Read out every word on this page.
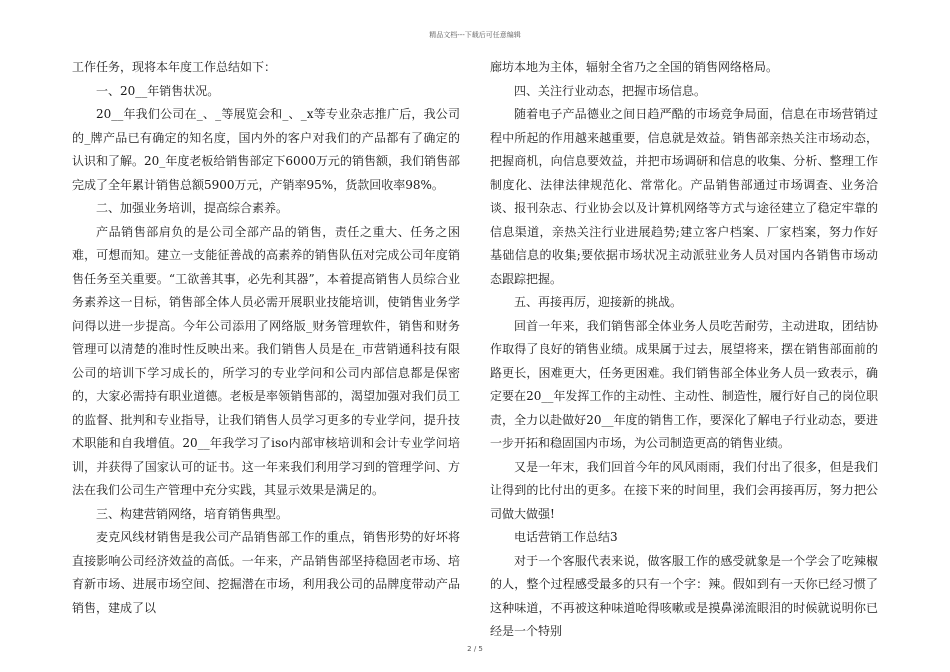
精品文档---下载后可任意编辑

工作任务，现将本年度工作总结如下：

一、20__年销售状况。

20__年我们公司在_、_等展览会和_、_x等专业杂志推广后，我公司的_牌产品已有确定的知名度，国内外的客户对我们的产品都有了确定的认识和了解。20_年度老板给销售部定下6000万元的销售额，我们销售部完成了全年累计销售总额5900万元，产销率95%，货款回收率98%。

二、加强业务培训，提高综合素养。

产品销售部肩负的是公司全部产品的销售，责任之重大、任务之困难，可想而知。建立一支能征善战的高素养的销售队伍对完成公司年度销售任务至关重要。“工欲善其事，必先利其器”，本着提高销售人员综合业务素养这一目标，销售部全体人员必需开展职业技能培训，使销售业务学问得以进一步提高。今年公司添用了网络版_财务管理软件，销售和财务管理可以清楚的准时性反映出来。我们销售人员是在_市营销通科技有限公司的培训下学习成长的，所学习的专业学问和公司内部信息都是保密的，大家必需持有职业道德。老板是率领销售部的，渴望加强对我们员工的监督、批判和专业指导，让我们销售人员学习更多的专业学问，提升技术职能和自我增值。20__年我学习了iso内部审核培训和会计专业学问培训，并获得了国家认可的证书。这一年来我们利用学习到的管理学问、方法在我们公司生产管理中充分实践，其显示效果是满足的。

三、构建营销网络，培育销售典型。

麦克风线材销售是我公司产品销售部工作的重点，销售形势的好坏将直接影响公司经济效益的高低。一年来，产品销售部坚持稳固老市场、培育新市场、进展市场空间、挖掘潜在市场，利用我公司的品牌度带动产品销售，建成了以

廊坊本地为主体，辐射全省乃之全国的销售网络格局。

四、关注行业动态，把握市场信息。

随着电子产品德业之间日趋严酷的市场竞争局面，信息在市场营销过程中所起的作用越来越重要，信息就是效益。销售部亲热关注市场动态，把握商机，向信息要效益，并把市场调研和信息的收集、分析、整理工作制度化、法律法律规范化、常常化。产品销售部通过市场调查、业务洽谈、报刊杂志、行业协会以及计算机网络等方式与途径建立了稳定牢靠的信息渠道，亲热关注行业进展趋势;建立客户档案、厂家档案，努力作好基础信息的收集;要依据市场状况主动派驻业务人员对国内各销售市场动态跟踪把握。

五、再接再厉，迎接新的挑战。

回首一年来，我们销售部全体业务人员吃苦耐劳，主动进取，团结协作取得了良好的销售业绩。成果属于过去，展望将来，摆在销售部面前的路更长，困难更大，任务更困难。我们销售部全体业务人员一致表示，确定要在20__年发挥工作的主动性、主动性、制造性，履行好自己的岗位职责，全力以赴做好20__年度的销售工作，要深化了解电子行业动态，要进一步开拓和稳固国内市场，为公司制造更高的销售业绩。

又是一年末，我们回首今年的风风雨雨，我们付出了很多，但是我们让得到的比付出的更多。在接下来的时间里，我们会再接再厉，努力把公司做大做强!

电话营销工作总结3

对于一个客服代表来说，做客服工作的感受就象是一个学会了吃辣椒的人，整个过程感受最多的只有一个字：辣。假如到有一天你已经习惯了这种味道，不再被这种味道呛得咳嗽或是摸鼻涕流眼泪的时候就说明你已经是一个特别

2 / 5
